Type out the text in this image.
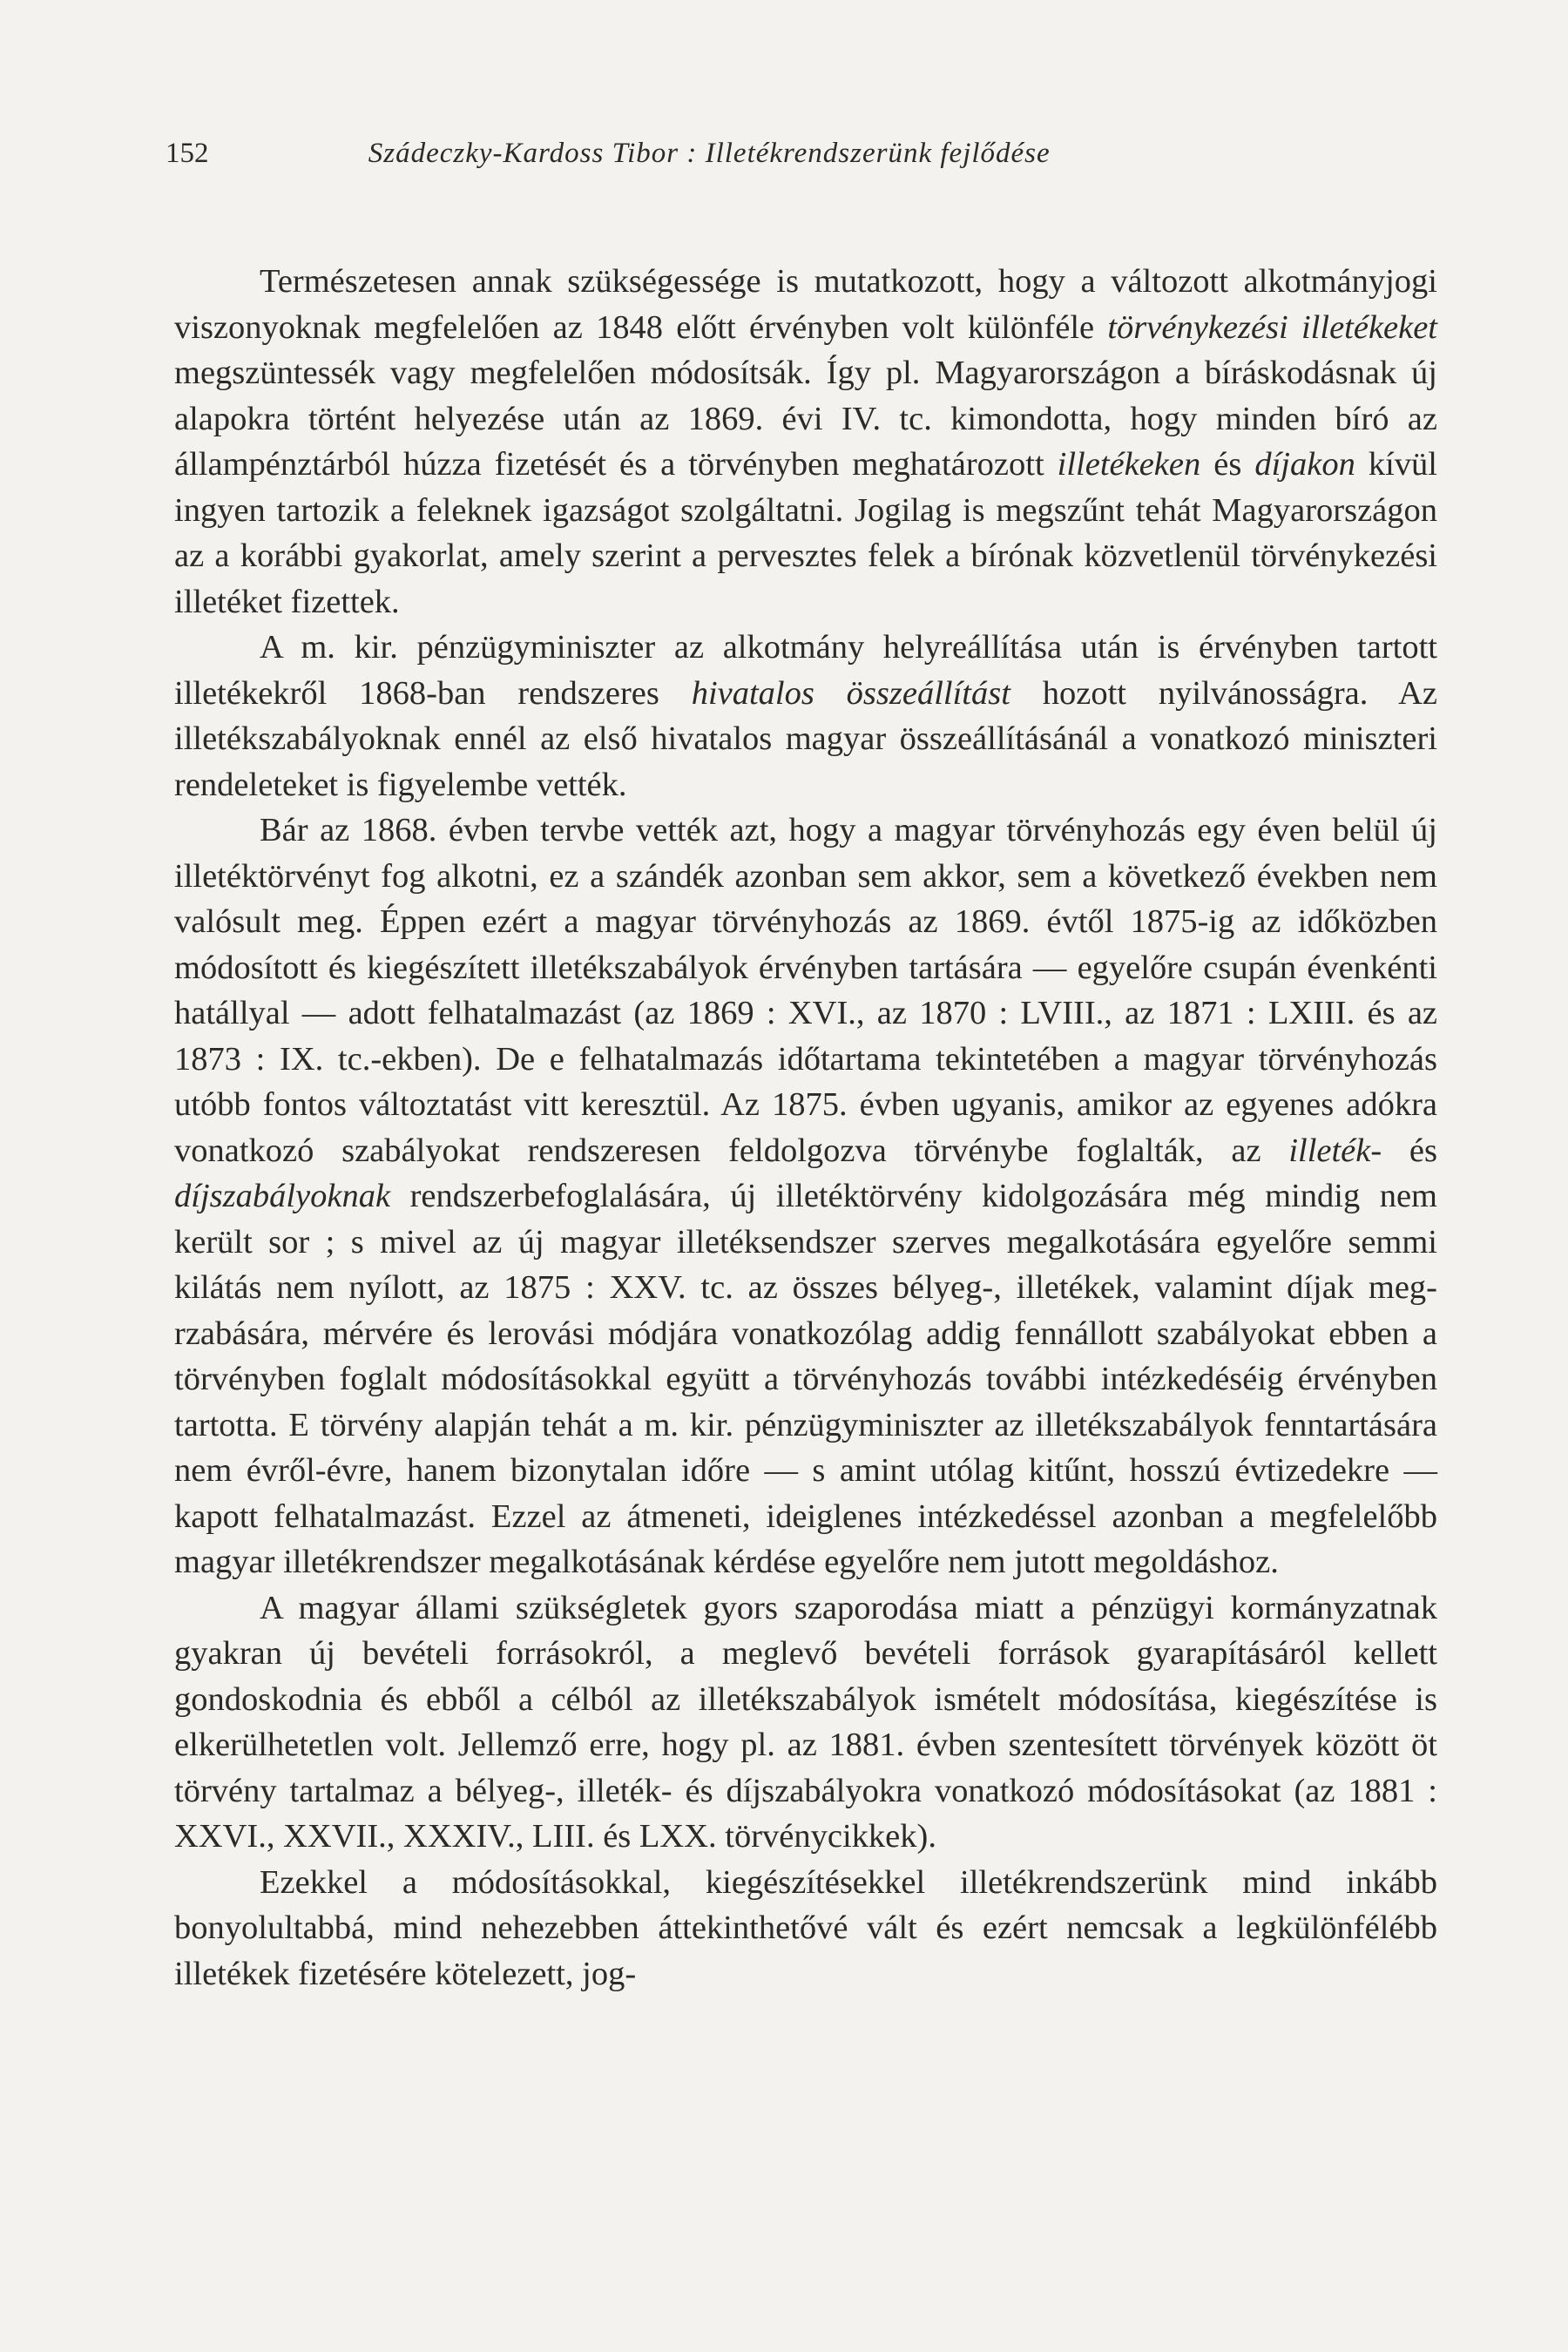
152	Szádeczky-Kardoss Tibor : Illetékrendszerünk fejlődése

Természetesen annak szükségessége is mutatkozott, hogy a változott alkotmányjogi viszonyoknak megfelelően az 1848 előtt érvényben volt különféle törvénykezési illetékeket megszüntessék vagy megfelelően módosítsák. Így pl. Magyarországon a bíráskodásnak új alapokra történt helyezése után az 1869. évi IV. tc. kimondotta, hogy minden bíró az állampénztárból húzza fizetését és a törvényben meghatározott illetékeken és díjakon kívül ingyen tartozik a feleknek igazságot szolgáltatni. Jogilag is megszűnt tehát Magyarországon az a korábbi gyakorlat, amely szerint a pervesztes felek a bírónak közvetlenül törvénykezési illetéket fizettek.

A m. kir. pénzügyminiszter az alkotmány helyreállítása után is érvényben tartott illetékekről 1868-ban rendszeres hivatalos összeállítást hozott nyilvánosságra. Az illetékszabályoknak ennél az első hivatalos magyar összeállításánál a vonatkozó miniszteri rendeleteket is figyelembe vették.

Bár az 1868. évben tervbe vették azt, hogy a magyar törvényhozás egy éven belül új illetéktörvényt fog alkotni, ez a szándék azonban sem akkor, sem a következő években nem valósult meg. Éppen ezért a magyar törvényhozás az 1869. évtől 1875-ig az időközben módosított és kiegészített illetékszabályok érvényben tartására — egyelőre csupán évenkénti hatállyal — adott felhatalmazást (az 1869 : XVI., az 1870 : LVIII., az 1871 : LXIII. és az 1873 : IX. tc.-ekben). De e felhatalmazás időtartama tekintetében a magyar törvényhozás utóbb fontos változtatást vitt keresztül. Az 1875. évben ugyanis, amikor az egyenes adókra vonatkozó szabályokat rendszeresen feldolgozva törvénybe foglalták, az illeték- és díjszabályoknak rendszerbefoglalására, új illetéktörvény kidolgozására még mindig nem került sor ; s mivel az új magyar illetéksendszer szerves megalkotására egyelőre semmi kilátás nem nyílott, az 1875 : XXV. tc. az összes bélyeg-, illetékek, valamint díjak megrzabására, mérvére és lerovási módjára vonatkozólag addig fennállott szabályokat ebben a törvényben foglalt módosításokkal együtt a törvényhozás további intézkedéséig érvényben tartotta. E törvény alapján tehát a m. kir. pénzügyminiszter az illetékszabályok fenntartására nem évről-évre, hanem bizonytalan időre — s amint utólag kitűnt, hosszú évtizedekre — kapott felhatalmazást. Ezzel az átmeneti, ideiglenes intézkedéssel azonban a megfelelőbb magyar illetékrendszer megalkotásának kérdése egyelőre nem jutott megoldáshoz.

A magyar állami szükségletek gyors szaporodása miatt a pénzügyi kormányzatnak gyakran új bevételi forrásokról, a meglevő bevételi források gyarapításáról kellett gondoskodnia és ebből a célból az illetékszabályok ismételt módosítása, kiegészítése is elkerülhetetlen volt. Jellemző erre, hogy pl. az 1881. évben szentesített törvények között öt törvény tartalmaz a bélyeg-, illeték- és díjszabályokra vonatkozó módosításokat (az 1881 : XXVI., XXVII., XXXIV., LIII. és LXX. törvénycikkek).

Ezekkel a módosításokkal, kiegészítésekkel illetékrendszerünk mind inkább bonyolultabbá, mind nehezebben áttekinthetővé vált és ezért nemcsak a legkülönfélébb illetékek fizetésére kötelezett, jog-
